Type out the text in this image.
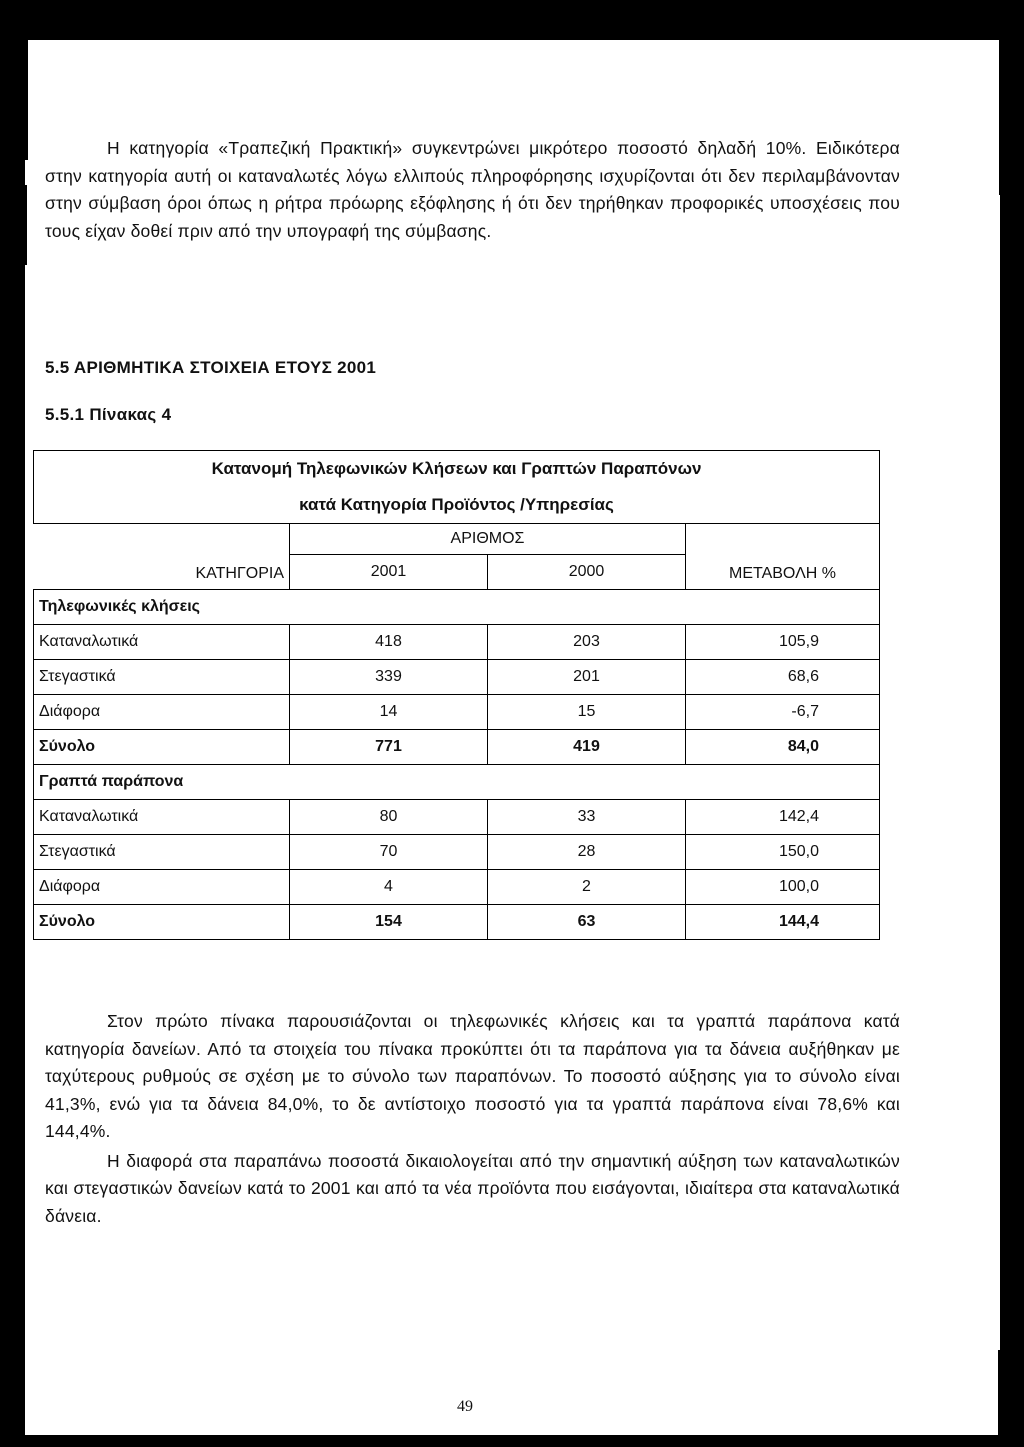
Η κατηγορία «Τραπεζική Πρακτική» συγκεντρώνει μικρότερο ποσοστό δηλαδή 10%. Ειδικότερα στην κατηγορία αυτή οι καταναλωτές λόγω ελλιπούς πληροφόρησης ισχυρίζονται ότι δεν περιλαμβάνονταν στην σύμβαση όροι όπως η ρήτρα πρόωρης εξόφλησης ή ότι δεν τηρήθηκαν προφορικές υποσχέσεις που τους είχαν δοθεί πριν από την υπογραφή της σύμβασης.

5.5 ΑΡΙΘΜΗΤΙΚΑ ΣΤΟΙΧΕΙΑ ΕΤΟΥΣ 2001
5.5.1 Πίνακας 4
Κατανομή Τηλεφωνικών Κλήσεων και Γραπτών Παραπόνων			
κατά Κατηγορία Προϊόντος /Υπηρεσίας			
ΚΑΤΗΓΟΡΙΑ	ΑΡΙΘΜΟΣ		ΜΕΤΑΒΟΛΗ %
	2001	2000	
Τηλεφωνικές κλήσεις			
Καταναλωτικά	418	203	105,9
Στεγαστικά	339	201	68,6
Διάφορα	14	15	-6,7
Σύνολο	771	419	84,0
Γραπτά παράπονα			
Καταναλωτικά	80	33	142,4
Στεγαστικά	70	28	150,0
Διάφορα	4	2	100,0
Σύνολο	154	63	144,4

Στον πρώτο πίνακα παρουσιάζονται οι τηλεφωνικές κλήσεις και τα γραπτά παράπονα κατά κατηγορία δανείων. Από τα στοιχεία του πίνακα προκύπτει ότι τα παράπονα για τα δάνεια αυξήθηκαν με ταχύτερους ρυθμούς σε σχέση με το σύνολο των παραπόνων. Το ποσοστό αύξησης για το σύνολο είναι 41,3%, ενώ για τα δάνεια 84,0%, το δε αντίστοιχο ποσοστό για τα γραπτά παράπονα είναι 78,6% και 144,4%.

Η διαφορά στα παραπάνω ποσοστά δικαιολογείται από την σημαντική αύξηση των καταναλωτικών και στεγαστικών δανείων κατά το 2001 και από τα νέα προϊόντα που εισάγονται, ιδιαίτερα στα καταναλωτικά δάνεια.

49
